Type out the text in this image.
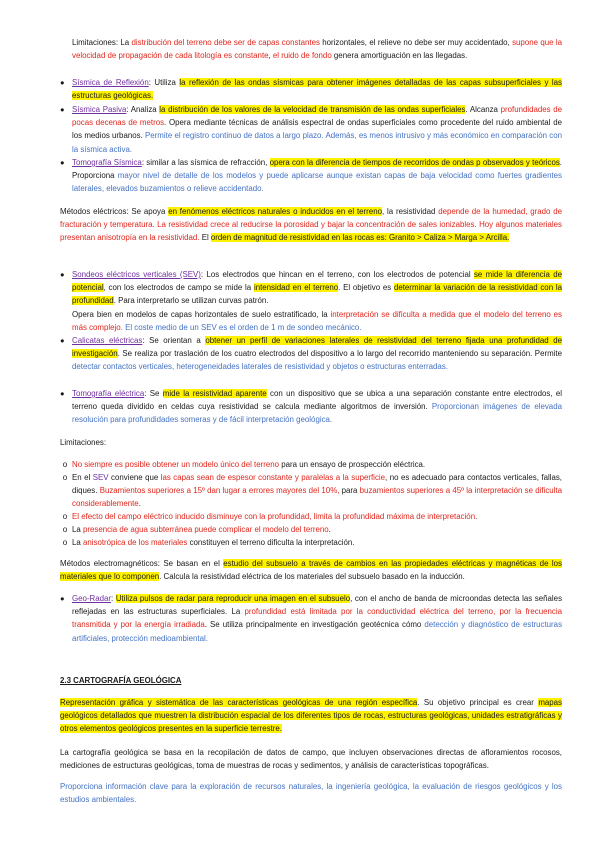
Limitaciones: La distribución del terreno debe ser de capas constantes horizontales, el relieve no debe ser muy accidentado, supone que la velocidad de propagación de cada litología es constante, el ruido de fondo genera amortiguación en las llegadas.

● Sísmica de Reflexión: Utiliza la reflexión de las ondas sísmicas para obtener imágenes detalladas de las capas subsuperficiales y las estructuras geológicas.

● Sísmica Pasiva: Analiza la distribución de los valores de la velocidad de transmisión de las ondas superficiales. Alcanza profundidades de pocas decenas de metros. Opera mediante técnicas de análisis espectral de ondas superficiales como procedente del ruido ambiental de los medios urbanos. Permite el registro continuo de datos a largo plazo. Además, es menos intrusivo y más económico en comparación con la sísmica activa.

● Tomografía Sísmica: similar a las sísmica de refracción, opera con la diferencia de tiempos de recorridos de ondas p observados y teóricos. Proporciona mayor nivel de detalle de los modelos y puede aplicarse aunque existan capas de baja velocidad como fuertes gradientes laterales, elevados buzamientos o relieve accidentado.

Métodos eléctricos: Se apoya en fenómenos eléctricos naturales o inducidos en el terreno, la resistividad depende de la humedad, grado de fracturación y temperatura. La resistividad crece al reducirse la porosidad y bajar la concentración de sales ionizables. Hoy algunos materiales presentan anisotropía en la resistividad. El orden de magnitud de resistividad en las rocas es: Granito > Caliza > Marga > Arcilla.

● Sondeos eléctricos verticales (SEV): Los electrodos que hincan en el terreno, con los electrodos de potencial se mide la diferencia de potencial, con los electrodos de campo se mide la intensidad en el terreno. El objetivo es determinar la variación de la resistividad con la profundidad. Para interpretarlo se utilizan curvas patrón.
Opera bien en modelos de capas horizontales de suelo estratificado, la interpretación se dificulta a medida que el modelo del terreno es más complejo. El coste medio de un SEV es el orden de 1 m de sondeo mecánico.

● Calicatas eléctricas: Se orientan a obtener un perfil de variaciones laterales de resistividad del terreno fijada una profundidad de investigación. Se realiza por traslación de los cuatro electrodos del dispositivo a lo largo del recorrido manteniendo su separación. Permite detectar contactos verticales, heterogeneidades laterales de resistividad y objetos o estructuras enterradas.

● Tomografía eléctrica: Se mide la resistividad aparente con un dispositivo que se ubica a una separación constante entre electrodos, el terreno queda dividido en celdas cuya resistividad se calcula mediante algoritmos de inversión. Proporcionan imágenes de elevada resolución para profundidades someras y de fácil interpretación geológica.

Limitaciones:

o No siempre es posible obtener un modelo único del terreno para un ensayo de prospección eléctrica.

o En el SEV conviene que las capas sean de espesor constante y paralelas a la superficie, no es adecuado para contactos verticales, fallas, diques. Buzamientos superiores a 15º dan lugar a errores mayores del 10%, para buzamientos superiores a 45º la interpretación se dificulta considerablemente.

o El efecto del campo eléctrico inducido disminuye con la profundidad, limita la profundidad máxima de interpretación.

o La presencia de agua subterránea puede complicar el modelo del terreno.

o La anisotrópica de los materiales constituyen el terreno dificulta la interpretación.

Métodos electromagnéticos: Se basan en el estudio del subsuelo a través de cambios en las propiedades eléctricas y magnéticas de los materiales que lo componen. Calcula la resistividad eléctrica de los materiales del subsuelo basado en la inducción.

● Geo-Radar: Utiliza pulsos de radar para reproducir una imagen en el subsuelo, con el ancho de banda de microondas detecta las señales reflejadas en las estructuras superficiales. La profundidad está limitada por la conductividad eléctrica del terreno, por la frecuencia transmitida y por la energía irradiada. Se utiliza principalmente en investigación geotécnica cómo detección y diagnóstico de estructuras artificiales, protección medioambiental.

2.3 CARTOGRAFÍA GEOLÓGICA

Representación gráfica y sistemática de las características geológicas de una región específica. Su objetivo principal es crear mapas geológicos detallados que muestren la distribución espacial de los diferentes tipos de rocas, estructuras geológicas, unidades estratigráficas y otros elementos geológicos presentes en la superficie terrestre.

La cartografía geológica se basa en la recopilación de datos de campo, que incluyen observaciones directas de afloramientos rocosos, mediciones de estructuras geológicas, toma de muestras de rocas y sedimentos, y análisis de características topográficas.

Proporciona información clave para la exploración de recursos naturales, la ingeniería geológica, la evaluación de riesgos geológicos y los estudios ambientales.
